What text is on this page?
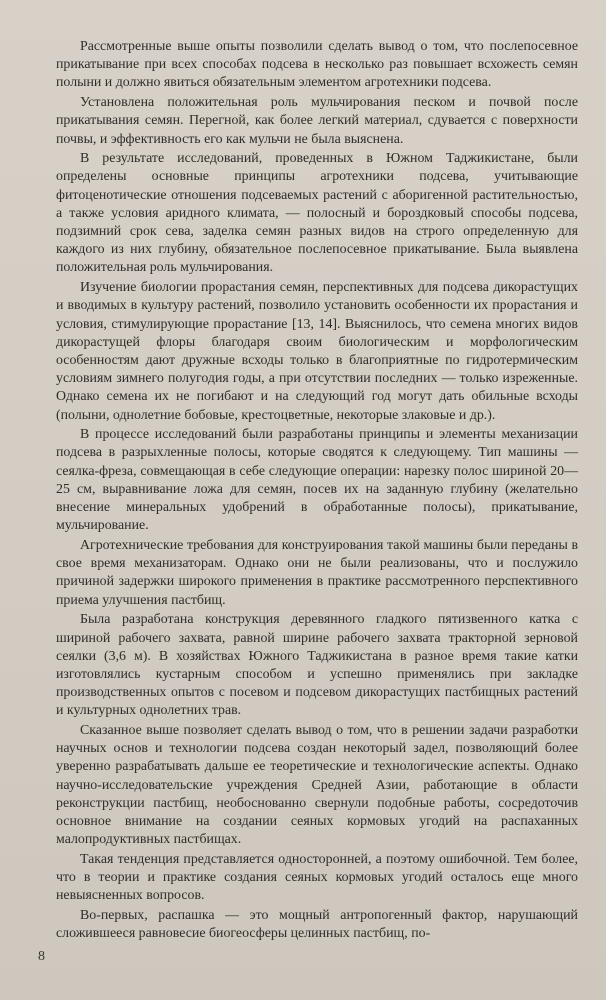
Рассмотренные выше опыты позволили сделать вывод о том, что послепосевное прикатывание при всех способах подсева в несколько раз повышает всхожесть семян полыни и должно явиться обязательным элементом агротехники подсева.

Установлена положительная роль мульчирования песком и почвой после прикатывания семян. Перегной, как более легкий материал, сдувается с поверхности почвы, и эффективность его как мульчи не была выяснена.

В результате исследований, проведенных в Южном Таджикистане, были определены основные принципы агротехники подсева, учитывающие фитоценотические отношения подсеваемых растений с аборигенной растительностью, а также условия аридного климата, — полосный и бороздковый способы подсева, подзимний срок сева, заделка семян разных видов на строго определенную для каждого из них глубину, обязательное послепосевное прикатывание. Была выявлена положительная роль мульчирования.

Изучение биологии прорастания семян, перспективных для подсева дикорастущих и вводимых в культуру растений, позволило установить особенности их прорастания и условия, стимулирующие прорастание [13, 14]. Выяснилось, что семена многих видов дикорастущей флоры благодаря своим биологическим и морфологическим особенностям дают дружные всходы только в благоприятные по гидротермическим условиям зимнего полугодия годы, а при отсутствии последних — только изреженные. Однако семена их не погибают и на следующий год могут дать обильные всходы (полыни, однолетние бобовые, крестоцветные, некоторые злаковые и др.).

В процессе исследований были разработаны принципы и элементы механизации подсева в разрыхленные полосы, которые сводятся к следующему. Тип машины — сеялка-фреза, совмещающая в себе следующие операции: нарезку полос шириной 20—25 см, выравнивание ложа для семян, посев их на заданную глубину (желательно внесение минеральных удобрений в обработанные полосы), прикатывание, мульчирование.

Агротехнические требования для конструирования такой машины были переданы в свое время механизаторам. Однако они не были реализованы, что и послужило причиной задержки широкого применения в практике рассмотренного перспективного приема улучшения пастбищ.

Была разработана конструкция деревянного гладкого пятизвенного катка с шириной рабочего захвата, равной ширине рабочего захвата тракторной зерновой сеялки (3,6 м). В хозяйствах Южного Таджикистана в разное время такие катки изготовлялись кустарным способом и успешно применялись при закладке производственных опытов с посевом и подсевом дикорастущих пастбищных растений и культурных однолетних трав.

Сказанное выше позволяет сделать вывод о том, что в решении задачи разработки научных основ и технологии подсева создан некоторый задел, позволяющий более уверенно разрабатывать дальше ее теоретические и технологические аспекты. Однако научно-исследовательские учреждения Средней Азии, работающие в области реконструкции пастбищ, необоснованно свернули подобные работы, сосредоточив основное внимание на создании сеяных кормовых угодий на распаханных малопродуктивных пастбищах.

Такая тенденция представляется односторонней, а поэтому ошибочной. Тем более, что в теории и практике создания сеяных кормовых угодий осталось еще много невыясненных вопросов.

Во-первых, распашка — это мощный антропогенный фактор, нарушающий сложившееся равновесие биогеосферы целинных пастбищ, по-

8
